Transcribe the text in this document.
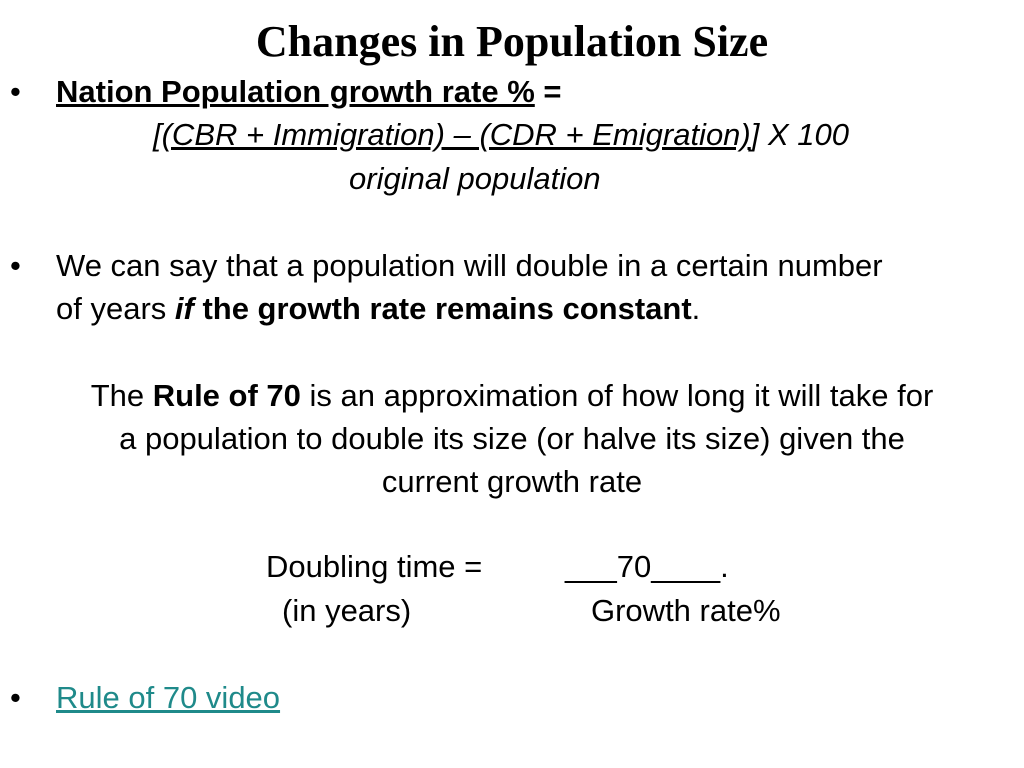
Changes in Population Size
• Nation Population growth rate % =
[(CBR + Immigration) – (CDR + Emigration)] X 100
original population
• We can say that a population will double in a certain number
of years if the growth rate remains constant.
The Rule of 70 is an approximation of how long it will take for
a population to double its size (or halve its size) given the
current growth rate
Doubling time =
(in years)
___70____.
Growth rate%
• Rule of 70 video
